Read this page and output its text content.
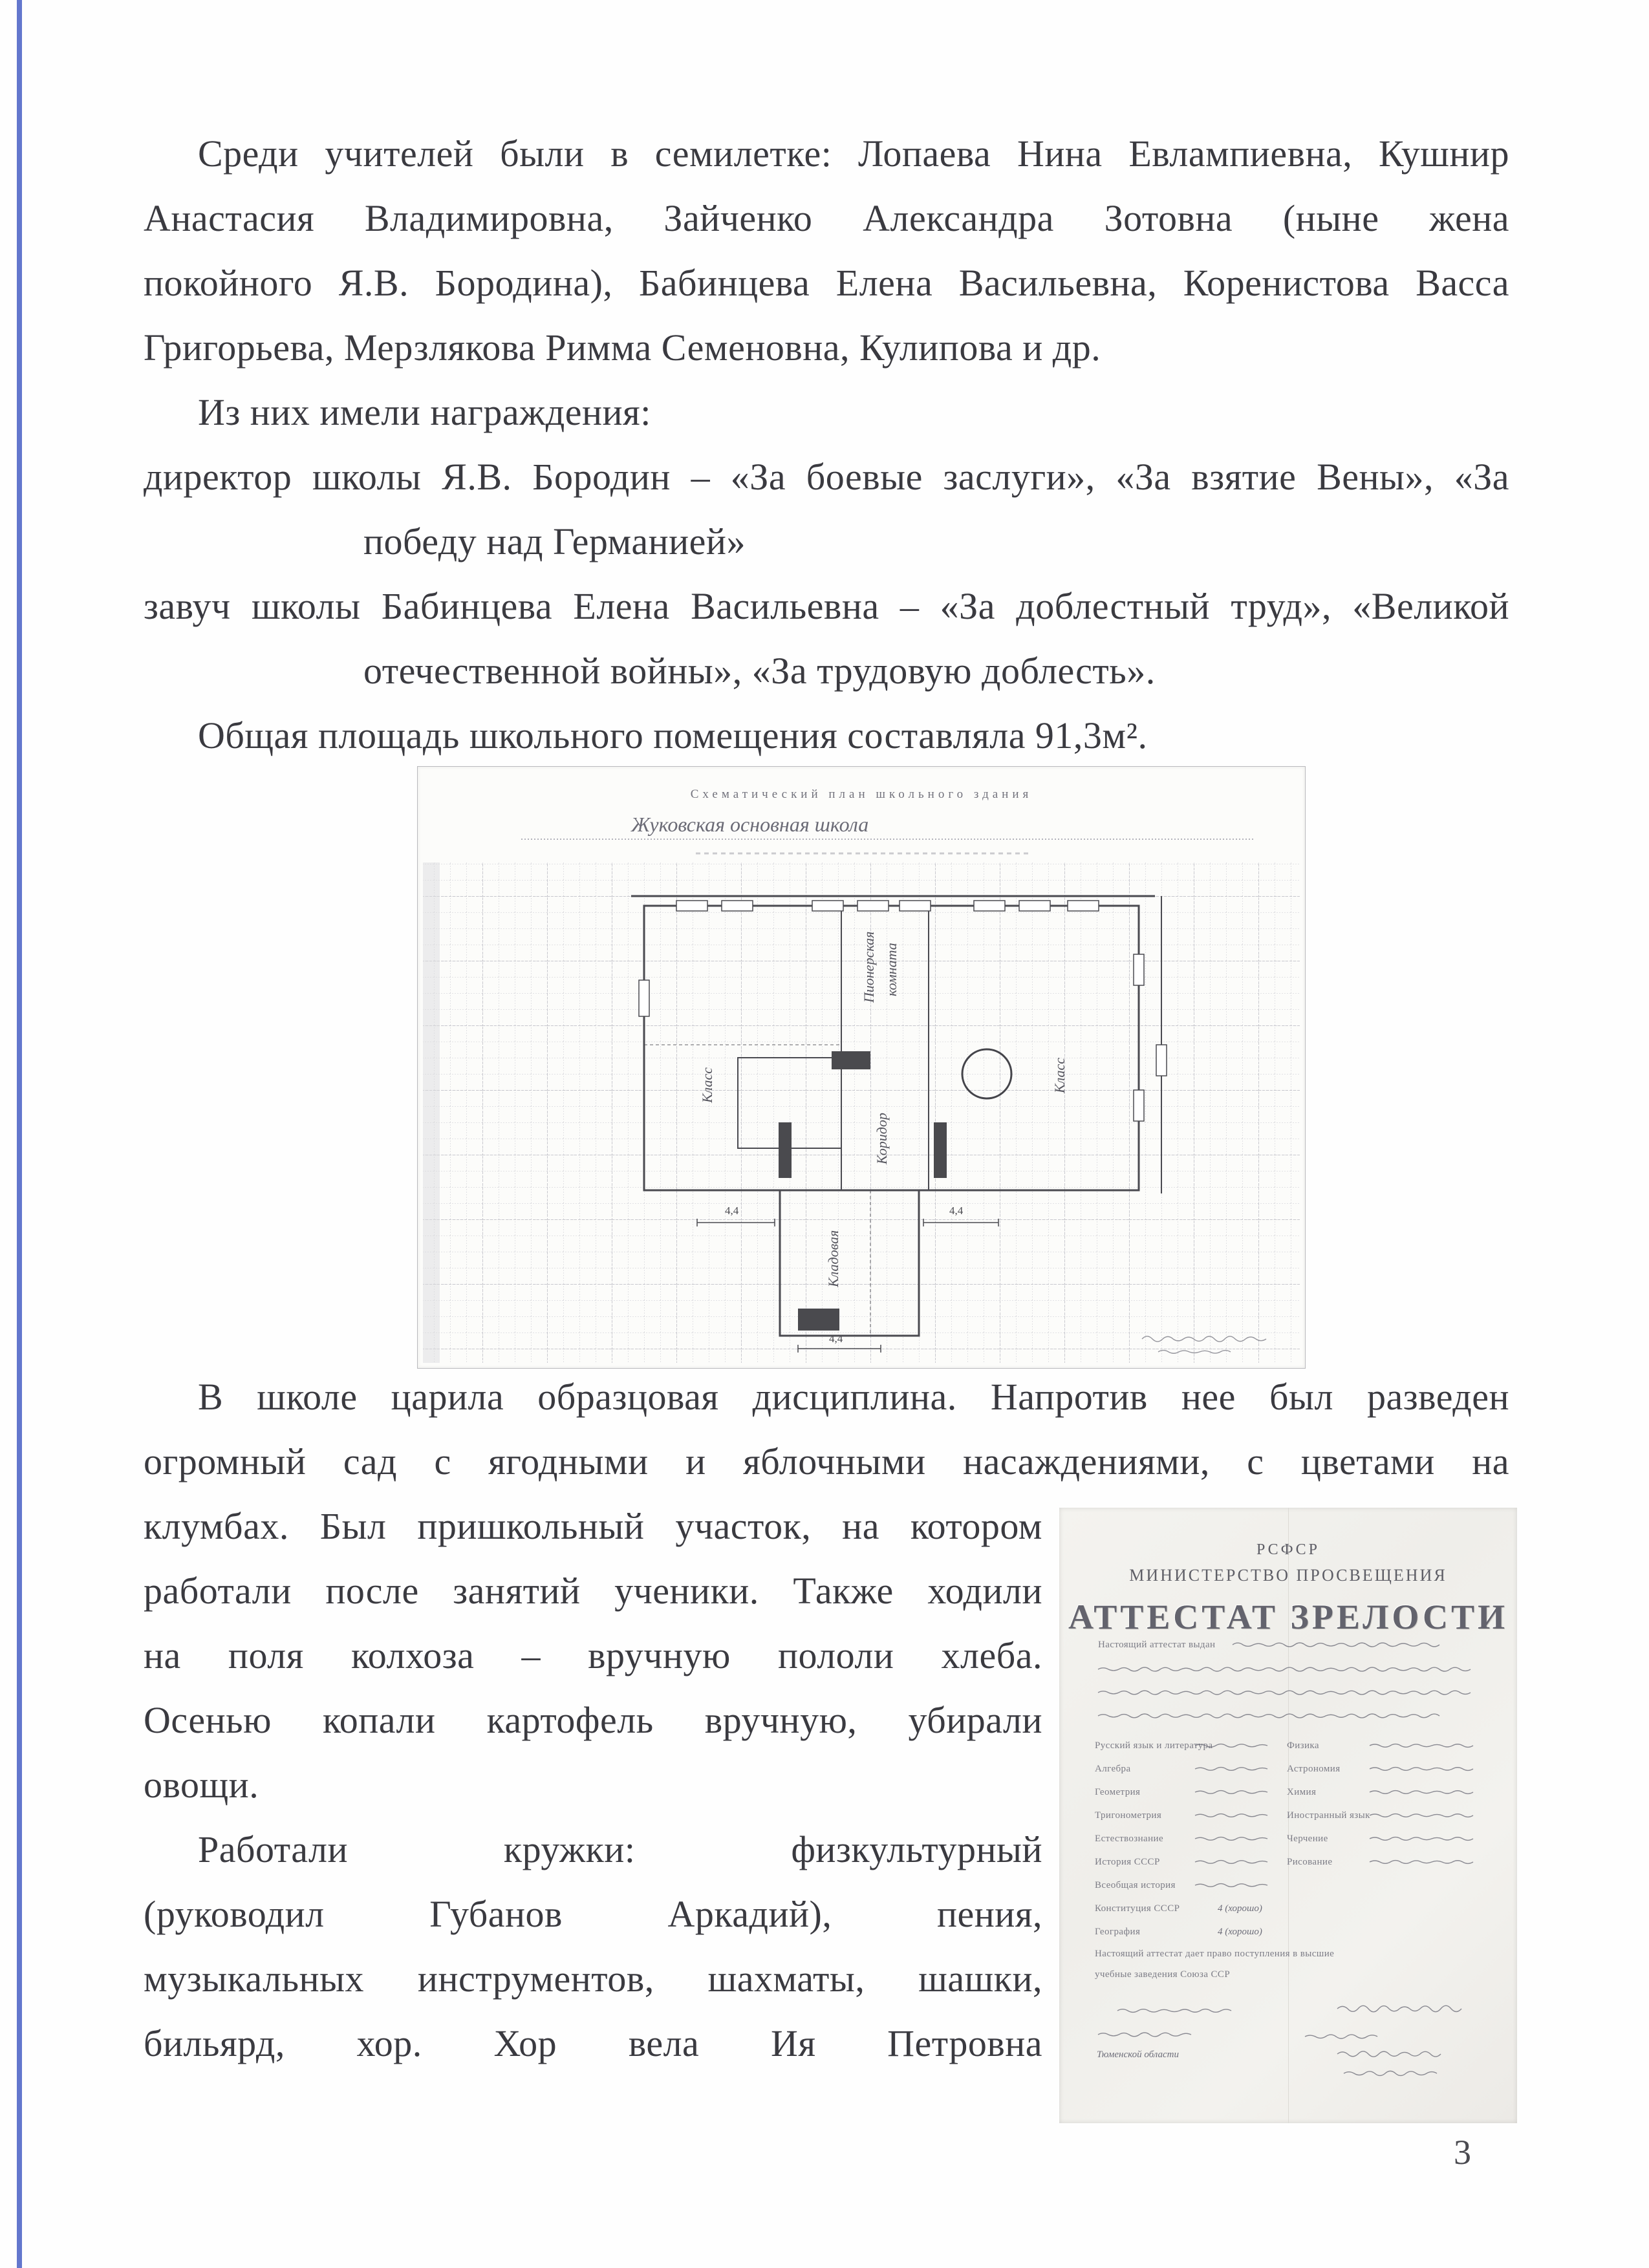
Среди учителей были в семилетке: Лопаева Нина Евлампиевна, Кушнир
Анастасия Владимировна, Зайченко Александра Зотовна (ныне жена
покойного Я.В. Бородина), Бабинцева Елена Васильевна, Коренистова Васса
Григорьева, Мерзлякова Римма Семеновна, Кулипова и др.
Из них имели награждения:
директор школы Я.В. Бородин – «За боевые заслуги», «За взятие Вены», «За
победу над Германией»
завуч школы Бабинцева Елена Васильевна – «За доблестный труд», «Великой
отечественной войны», «За трудовую доблесть».
Общая площадь школьного помещения составляла 91,3м².
В школе царила образцовая дисциплина. Напротив нее был разведен
огромный сад с ягодными и яблочными насаждениями, с цветами на
клумбах. Был пришкольный участок, на котором
работали после занятий ученики. Также ходили
на поля колхоза – вручную пололи хлеба.
Осенью копали картофель вручную, убирали
овощи.
Работали кружки: физкультурный
(руководил Губанов Аркадий), пения,
музыкальных инструментов, шахматы, шашки,
бильярд, хор. Хор вела Ия Петровна
Схематический план школьного здания
Жуковская основная школа
Класс	Класс
Пионерская комната
Коридор
Кладовая
4,4	4,4
4,4
РСФСР
МИНИСТЕРСТВО ПРОСВЕЩЕНИЯ
АТТЕСТАТ ЗРЕЛОСТИ
Настоящий аттестат выдан
Настоящий аттестат дает право поступления в высшие
учебные заведения Союза ССР
Тюменской области
Русский язык и литература
Алгебра
Геометрия
Тригонометрия
Естествознание
История СССР
Всеобщая история
Конституция СССР	4 (хорошо)
География	4 (хорошо)
Физика
Астрономия
Химия
Иностранный язык
Черчение
Рисование
3
